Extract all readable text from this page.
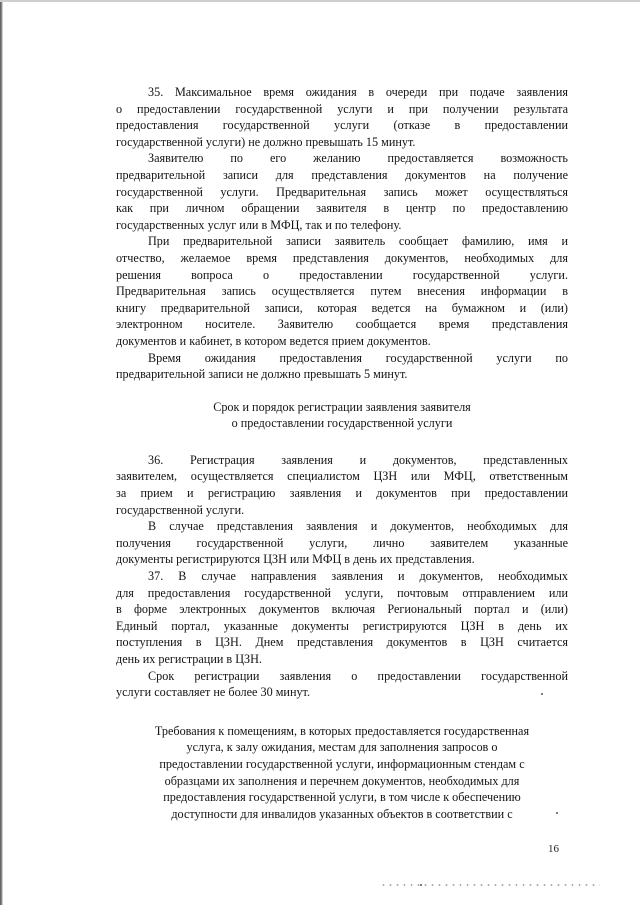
35. Максимальное время ожидания в очереди при подаче заявления
о предоставлении государственной услуги и при получении результата
предоставления государственной услуги (отказе в предоставлении
государственной услуги) не должно превышать 15 минут.
Заявителю по его желанию предоставляется возможность
предварительной записи для представления документов на получение
государственной услуги. Предварительная запись может осуществляться
как при личном обращении заявителя в центр по предоставлению
государственных услуг или в МФЦ, так и по телефону.
При предварительной записи заявитель сообщает фамилию, имя и
отчество, желаемое время представления документов, необходимых для
решения вопроса о предоставлении государственной услуги.
Предварительная запись осуществляется путем внесения информации в
книгу предварительной записи, которая ведется на бумажном и (или)
электронном носителе. Заявителю сообщается время представления
документов и кабинет, в котором ведется прием документов.
Время ожидания предоставления государственной услуги по
предварительной записи не должно превышать 5 минут.
Срок и порядок регистрации заявления заявителя
о предоставлении государственной услуги
36. Регистрация заявления и документов, представленных
заявителем, осуществляется специалистом ЦЗН или МФЦ, ответственным
за прием и регистрацию заявления и документов при предоставлении
государственной услуги.
В случае представления заявления и документов, необходимых для
получения государственной услуги, лично заявителем указанные
документы регистрируются ЦЗН или МФЦ в день их представления.
37. В случае направления заявления и документов, необходимых
для предоставления государственной услуги, почтовым отправлением или
в форме электронных документов включая Региональный портал и (или)
Единый портал, указанные документы регистрируются ЦЗН в день их
поступления в ЦЗН. Днем представления документов в ЦЗН считается
день их регистрации в ЦЗН.
Срок регистрации заявления о предоставлении государственной
услуги составляет не более 30 минут.
Требования к помещениям, в которых предоставляется государственная
услуга, к залу ожидания, местам для заполнения запросов о
предоставлении государственной услуги, информационным стендам с
образцами их заполнения и перечнем документов, необходимых для
предоставления государственной услуги, в том числе к обеспечению
доступности для инвалидов указанных объектов в соответствии с
16
